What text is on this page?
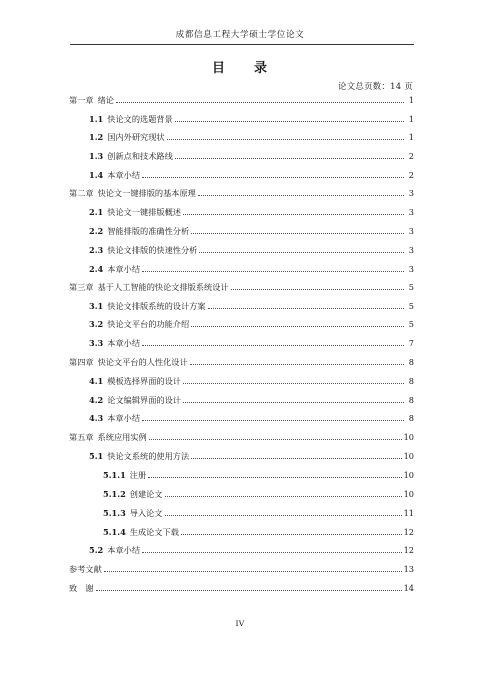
成都信息工程大学硕士学位论文
目 录
论文总页数：14 页
第一章 绪论	1
1.1 快论文的选题背景	1
1.2 国内外研究现状	1
1.3 创新点和技术路线	2
1.4 本章小结	2
第二章 快论文一键排版的基本原理	3
2.1 快论文一键排版概述	3
2.2 智能排版的准确性分析	3
2.3 快论文排版的快速性分析	3
2.4 本章小结	3
第三章 基于人工智能的快论文排版系统设计	5
3.1 快论文排版系统的设计方案	5
3.2 快论文平台的功能介绍	5
3.3 本章小结	7
第四章 快论文平台的人性化设计	8
4.1 模板选择界面的设计	8
4.2 论文编辑界面的设计	8
4.3 本章小结	8
第五章 系统应用实例	10
5.1 快论文系统的使用方法	10
5.1.1 注册	10
5.1.2 创建论文	10
5.1.3 导入论文	11
5.1.4 生成论文下载	12
5.2 本章小结	12
参考文献	13
致　谢	14
IV
